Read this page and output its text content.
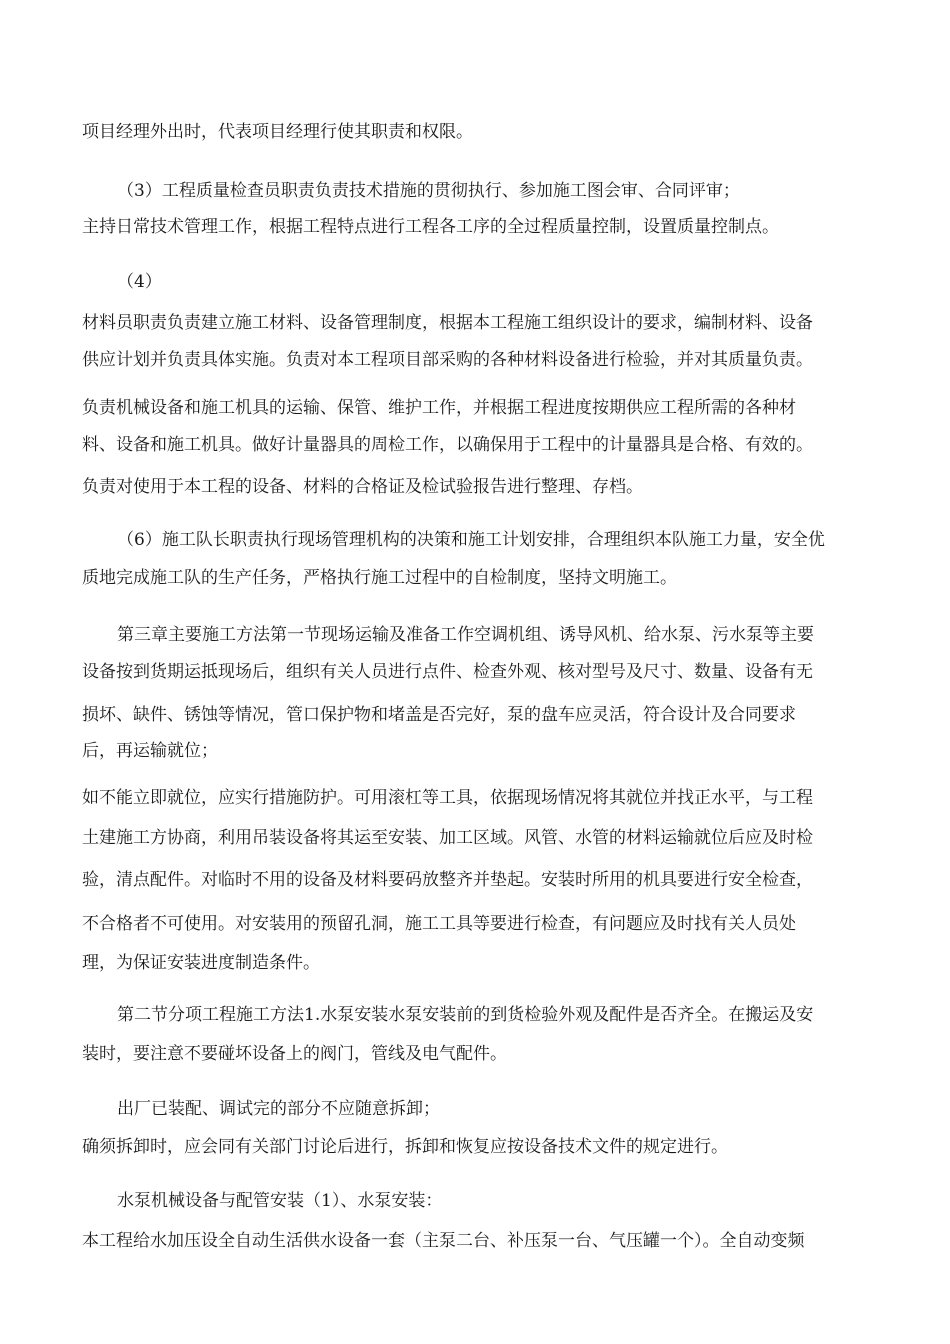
项目经理外出时，代表项目经理行使其职责和权限。

（3）工程质量检查员职责负责技术措施的贯彻执行、参加施工图会审、合同评审；

主持日常技术管理工作，根据工程特点进行工程各工序的全过程质量控制，设置质量控制点。

（4）

材料员职责负责建立施工材料、设备管理制度，根据本工程施工组织设计的要求，编制材料、设备

供应计划并负责具体实施。负责对本工程项目部采购的各种材料设备进行检验，并对其质量负责。

负责机械设备和施工机具的运输、保管、维护工作，并根据工程进度按期供应工程所需的各种材

料、设备和施工机具。做好计量器具的周检工作，以确保用于工程中的计量器具是合格、有效的。

负责对使用于本工程的设备、材料的合格证及检试验报告进行整理、存档。

（6）施工队长职责执行现场管理机构的决策和施工计划安排，合理组织本队施工力量，安全优

质地完成施工队的生产任务，严格执行施工过程中的自检制度，坚持文明施工。

第三章主要施工方法第一节现场运输及准备工作空调机组、诱导风机、给水泵、污水泵等主要

设备按到货期运抵现场后，组织有关人员进行点件、检查外观、核对型号及尺寸、数量、设备有无

损坏、缺件、锈蚀等情况，管口保护物和堵盖是否完好，泵的盘车应灵活，符合设计及合同要求

后，再运输就位；

如不能立即就位，应实行措施防护。可用滚杠等工具，依据现场情况将其就位并找正水平，与工程

土建施工方协商，利用吊装设备将其运至安装、加工区域。风管、水管的材料运输就位后应及时检

验，清点配件。对临时不用的设备及材料要码放整齐并垫起。安装时所用的机具要进行安全检查，

不合格者不可使用。对安装用的预留孔洞，施工工具等要进行检查，有问题应及时找有关人员处

理，为保证安装进度制造条件。

第二节分项工程施工方法1.水泵安装水泵安装前的到货检验外观及配件是否齐全。在搬运及安

装时，要注意不要碰坏设备上的阀门，管线及电气配件。

出厂已装配、调试完的部分不应随意拆卸；

确须拆卸时，应会同有关部门讨论后进行，拆卸和恢复应按设备技术文件的规定进行。

水泵机械设备与配管安装（1）、水泵安装：

本工程给水加压设全自动生活供水设备一套（主泵二台、补压泵一台、气压罐一个）。全自动变频
